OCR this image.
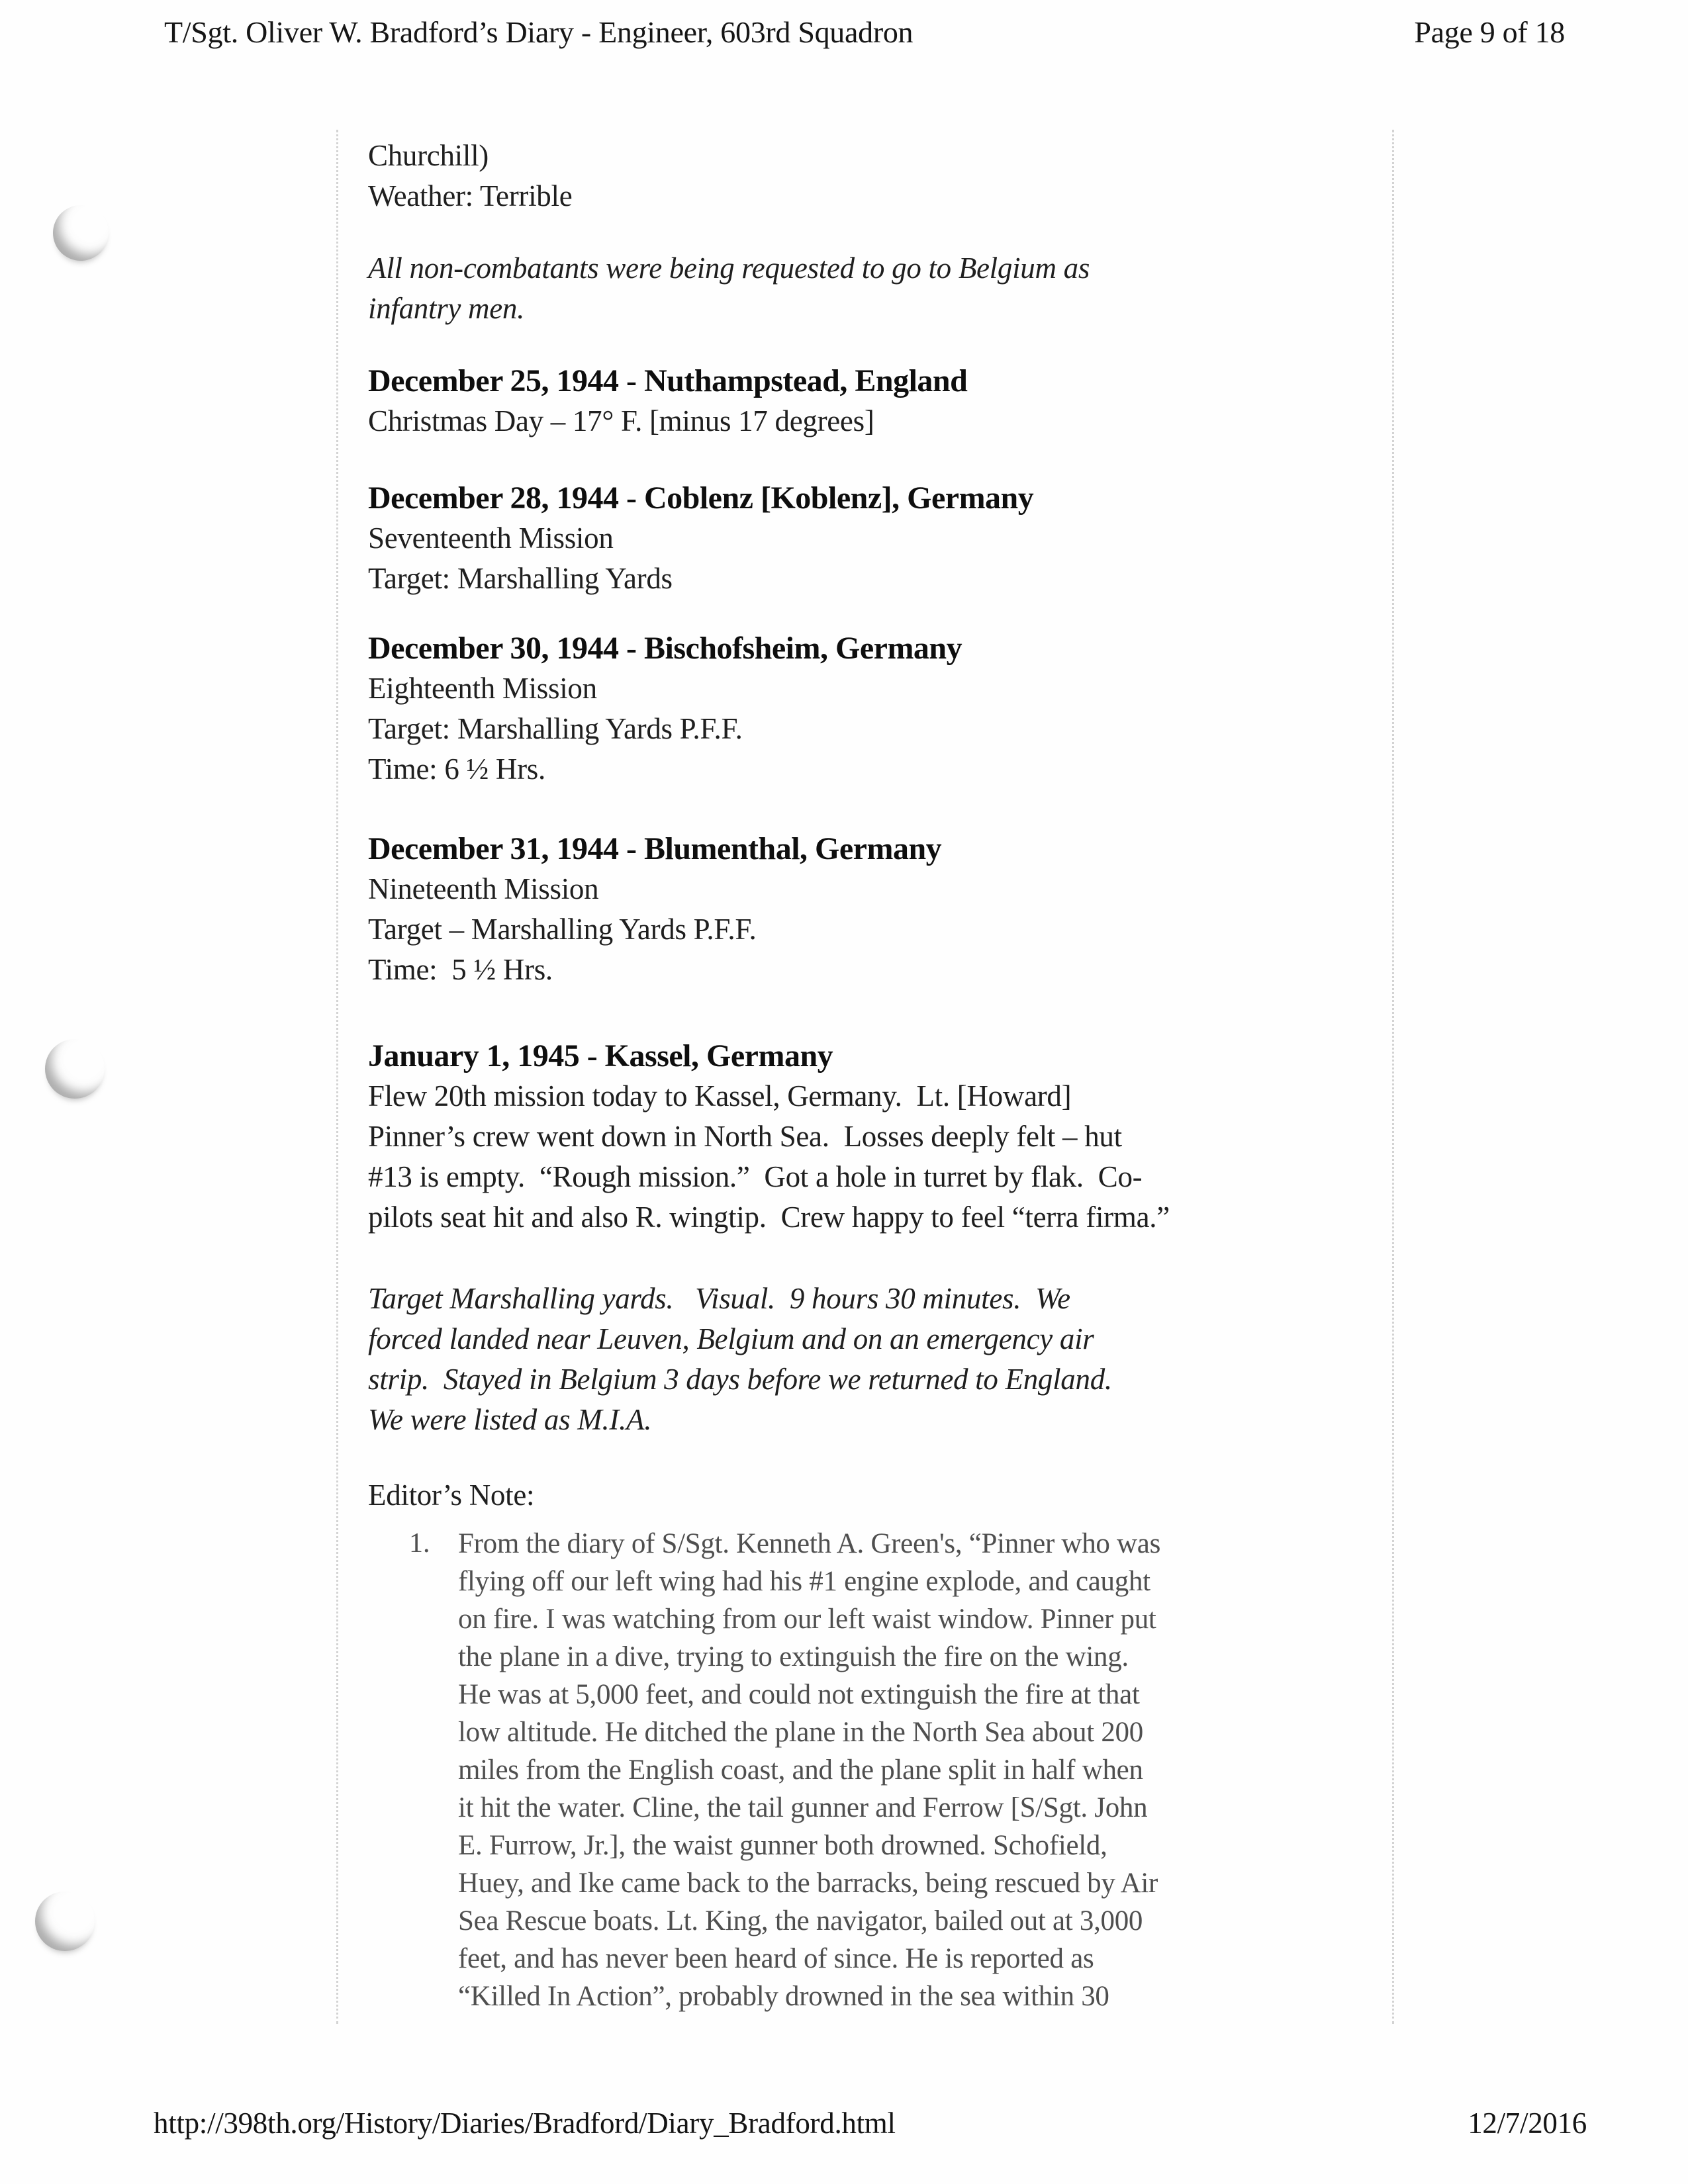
T/Sgt. Oliver W. Bradford’s Diary - Engineer, 603rd Squadron	Page 9 of 18
Churchill)
Weather: Terrible
All non-combatants were being requested to go to Belgium as
infantry men.
December 25, 1944 - Nuthampstead, England
Christmas Day – 17° F. [minus 17 degrees]
December 28, 1944 - Coblenz [Koblenz], Germany
Seventeenth Mission
Target: Marshalling Yards
December 30, 1944 - Bischofsheim, Germany
Eighteenth Mission
Target: Marshalling Yards P.F.F.
Time: 6 ½ Hrs.
December 31, 1944 - Blumenthal, Germany
Nineteenth Mission
Target – Marshalling Yards P.F.F.
Time:  5 ½ Hrs.
January 1, 1945 - Kassel, Germany
Flew 20th mission today to Kassel, Germany.  Lt. [Howard]
Pinner’s crew went down in North Sea.  Losses deeply felt – hut
#13 is empty.  “Rough mission.”  Got a hole in turret by flak.  Co-
pilots seat hit and also R. wingtip.  Crew happy to feel “terra firma.”
Target Marshalling yards.   Visual.  9 hours 30 minutes.  We
forced landed near Leuven, Belgium and on an emergency air
strip.  Stayed in Belgium 3 days before we returned to England.
We were listed as M.I.A.
Editor’s Note:
1. From the diary of S/Sgt. Kenneth A. Green's, “Pinner who was
flying off our left wing had his #1 engine explode, and caught
on fire. I was watching from our left waist window. Pinner put
the plane in a dive, trying to extinguish the fire on the wing.
He was at 5,000 feet, and could not extinguish the fire at that
low altitude. He ditched the plane in the North Sea about 200
miles from the English coast, and the plane split in half when
it hit the water. Cline, the tail gunner and Ferrow [S/Sgt. John
E. Furrow, Jr.], the waist gunner both drowned. Schofield,
Huey, and Ike came back to the barracks, being rescued by Air
Sea Rescue boats. Lt. King, the navigator, bailed out at 3,000
feet, and has never been heard of since. He is reported as
“Killed In Action”, probably drowned in the sea within 30
http://398th.org/History/Diaries/Bradford/Diary_Bradford.html	12/7/2016
